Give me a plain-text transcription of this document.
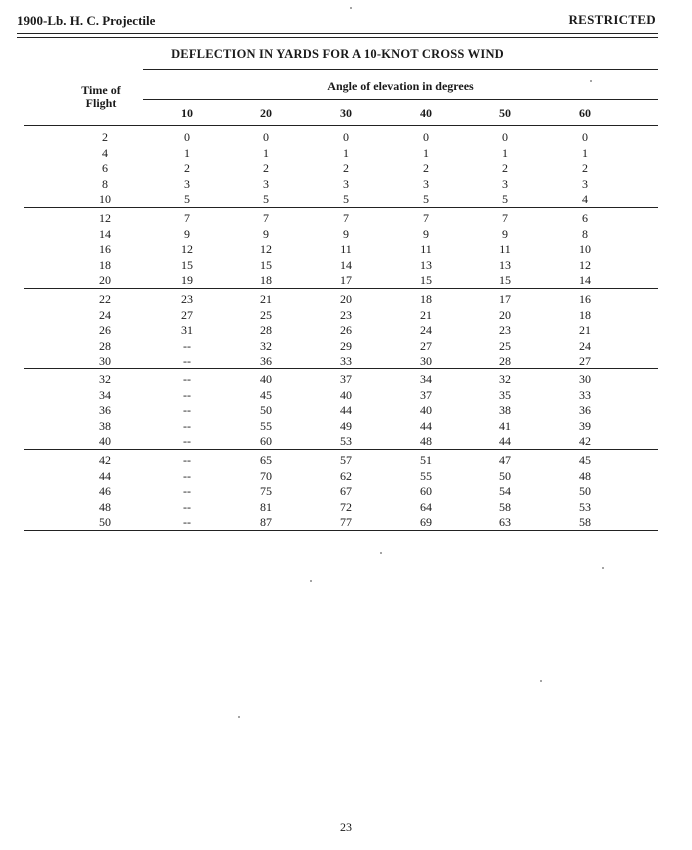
1900-Lb. H. C. Projectile	RESTRICTED
DEFLECTION IN YARDS FOR A 10-KNOT CROSS WIND
Time of
Flight
Angle of elevation in degrees
10	20	30	40	50	60
2	0	0	0	0	0	0
4	1	1	1	1	1	1
6	2	2	2	2	2	2
8	3	3	3	3	3	3
10	5	5	5	5	5	4
12	7	7	7	7	7	6
14	9	9	9	9	9	8
16	12	12	11	11	11	10
18	15	15	14	13	13	12
20	19	18	17	15	15	14
22	23	21	20	18	17	16
24	27	25	23	21	20	18
26	31	28	26	24	23	21
28	--	32	29	27	25	24
30	--	36	33	30	28	27
32	--	40	37	34	32	30
34	--	45	40	37	35	33
36	--	50	44	40	38	36
38	--	55	49	44	41	39
40	--	60	53	48	44	42
42	--	65	57	51	47	45
44	--	70	62	55	50	48
46	--	75	67	60	54	50
48	--	81	72	64	58	53
50	--	87	77	69	63	58
23
